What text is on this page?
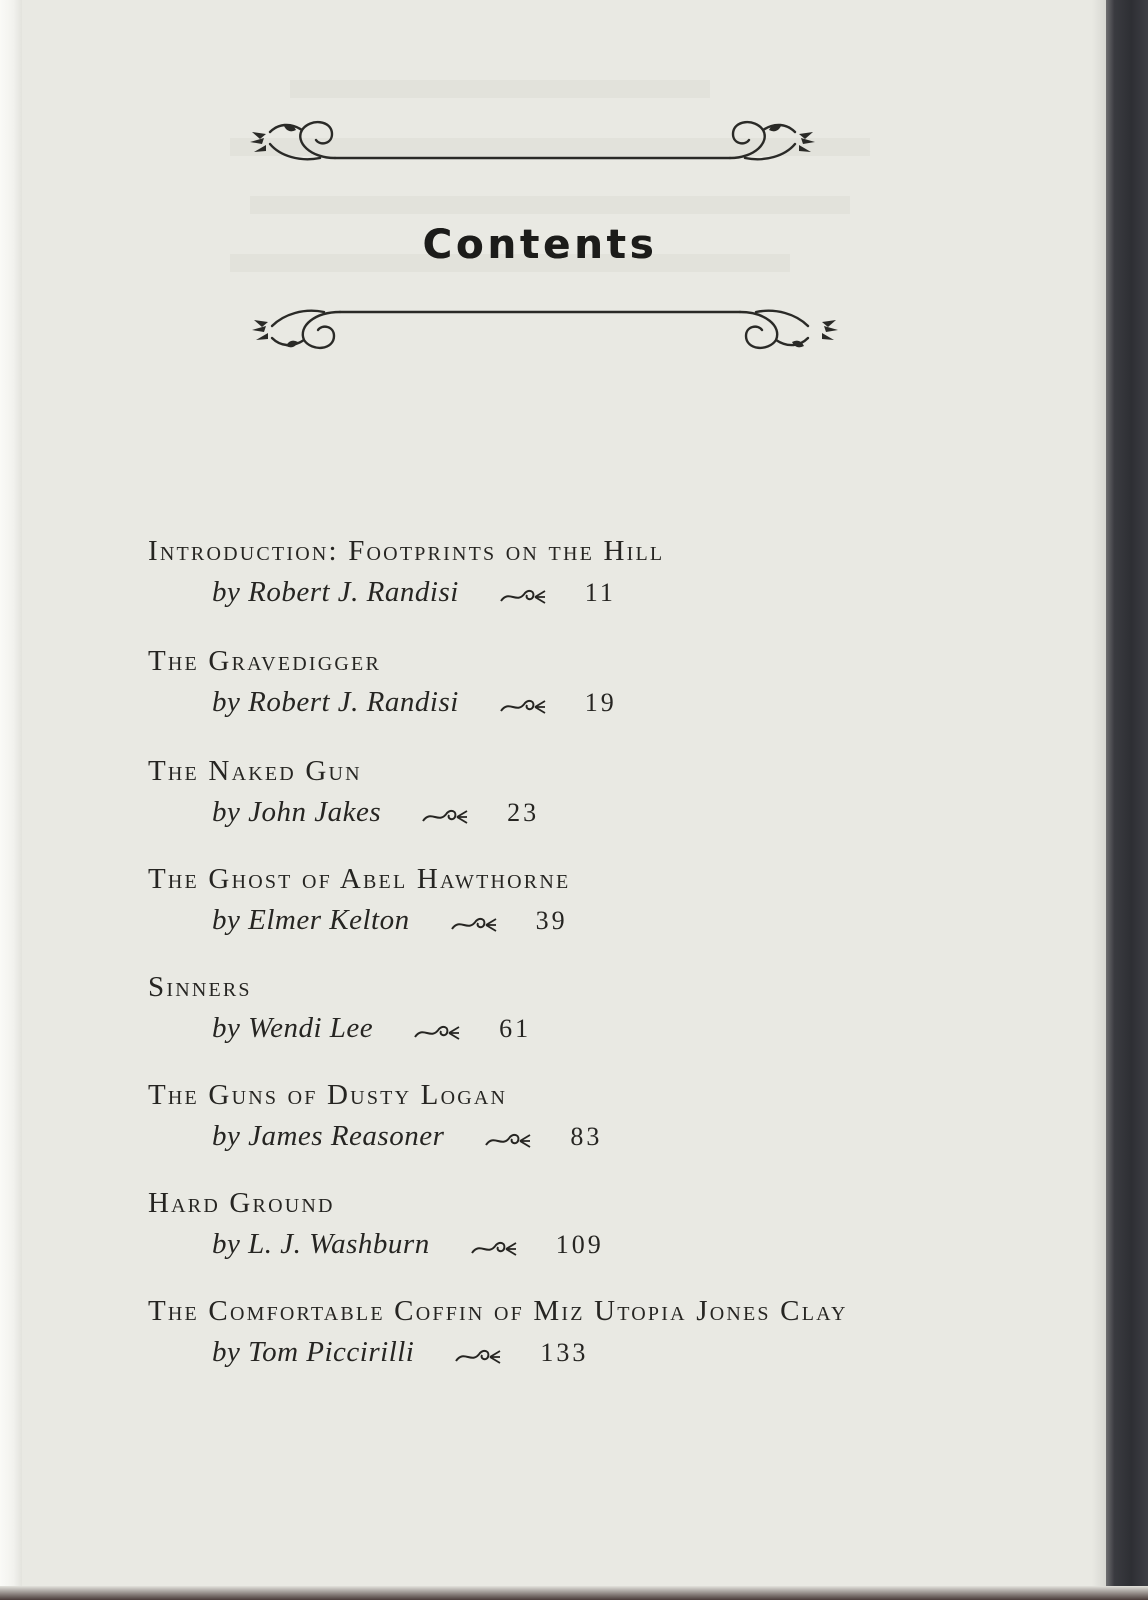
Contents
Introduction: Footprints on the Hill
by Robert J. Randisi	11
The Gravedigger
by Robert J. Randisi	19
The Naked Gun
by John Jakes	23
The Ghost of Abel Hawthorne
by Elmer Kelton	39
Sinners
by Wendi Lee	61
The Guns of Dusty Logan
by James Reasoner	83
Hard Ground
by L. J. Washburn	109
The Comfortable Coffin of Miz Utopia Jones Clay
by Tom Piccirilli	133
